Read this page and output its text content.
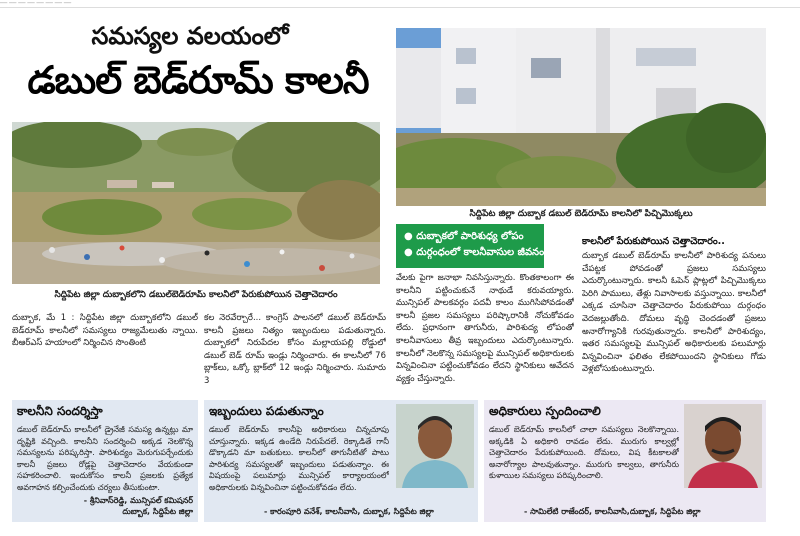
── ── ── ── ── ── ── ──
సమస్యల వలయంలో
డబుల్ బెడ్‌రూమ్ కాలనీ
సిద్దిపేట జిల్లా దుబ్బాకలోని డబుల్‌బెడ్‌రూమ్ కాలనీలో పేరుకుపోయిన చెత్తాచెదారం
సిద్దిపేట జిల్లా దుబ్బాక డబుల్ బెడ్‌రూమ్ కాలనీలో పిచ్చిమొక్కలు
● దుబ్బాకలో పారిశుధ్య లోపం
● దుర్గంధంలో కాలనీవాసుల జీవనం
దుబ్బాక, మే 1 : సిద్దిపేట జిల్లా దుబ్బాకలోని డబుల్ బెడ్‌రూమ్ కాలనీలో సమస్యలు రాజ్యమేలుతు న్నాయి. బీఆర్ఎస్ హయాంలో నిర్మించిన సొంతింటి
కల నెరవేర్చారే... కాంగ్రెస్ పాలనలో డబుల్ బెడ్‌రూమ్ కాలనీ ప్రజలు నిత్యం ఇబ్బందులు పడుతున్నారు. దుబ్బాకలో నిరుపేదల కోసం మల్లాయపల్లి రోడ్డులో డబుల్ బెడ్ రూమ్ ఇండ్లు నిర్మించారు. ఈ కాలనీలో 76 బ్లాక్‌లు, ఒక్కో బ్లాక్‌లో 12 ఇండ్లు నిర్మించారు. సుమారు 3
వేలకు పైగా జనాభా నివసిస్తున్నారు. కొంతకాలంగా ఈ కాలనీని పట్టించుకునే నాథుడే కరువయ్యారు. మున్సిపల్ పాలకవర్గం పదవీ కాలం ముగిసిపోవడంతో కాలనీ ప్రజల సమస్యలు పరిష్కారానికి నోచుకోవడం లేదు. ప్రధానంగా తాగునీరు, పారిశుద్య లోపంతో కాలనీవాసులు తీవ్ర ఇబ్బందులు ఎదుర్కొంటున్నారు. కాలనీలో నెలకొన్న సమస్యలపై మున్సిపల్ అధికారులకు విన్నవించినా పట్టించుకోవడం లేదని స్థానికులు ఆవేదన వ్యక్తం చేస్తున్నారు.
కాలనీలో పేరుకుపోయిన చెత్తాచెదారం..
దుబ్బాక డబుల్ బెడ్‌రూమ్ కాలనీలో పారిశుద్య పనులు చేపట్టక పోవడంతో ప్రజలు సమస్యలు ఎదుర్కొంటున్నారు. కాలనీ ఓపెన్ ప్లాట్లలో పిచ్చిమొక్కలు పెరిగి పాములు, తేళ్లు నివాసాలకు వస్తున్నాయి. కాలనీలో ఎక్కడ చూసినా చెత్తాచెదారం పేరుకుపోయి దుర్గంధం వెదజల్లుతోంది. దోమలు వృద్ధి చెందడంతో ప్రజలు అనారోగ్యానికి గురవుతున్నారు. కాలనీలో పారిశుద్యం, ఇతర సమస్యలపై మున్సిపల్ అధికారులకు పలుమార్లు విన్నవించినా ఫలితం లేకపోయిందని స్థానికులు గోడు వెళ్లబోసుకుంటున్నారు.
కాలనీని సందర్శిస్తా
డబుల్ బెడ్‌రూమ్ కాలనీలో డ్రైనేజీ సమస్య ఉన్నట్లు మా దృష్టికి వచ్చింది. కాలనీని సందర్శించి అక్కడ నెలకొన్న సమస్యలను పరిష్కరిస్తా. పారిశుద్యం మెరుగుపర్చేందుకు కాలనీ ప్రజలు రోడ్లపై చెత్తాచెదారం వేయకుండా సహకరించాలి. ఇందుకోసం కాలనీ ప్రజలకు ప్రత్యేక అవగాహన కల్పించేందుకు చర్యలు తీసుకుంటా.
- శ్రీనివాస్‌రెడ్డి, మున్సిపల్ కమిషనర్
దుబ్బాక, సిద్దిపేట జిల్లా
ఇబ్బందులు పడుతున్నాం
డబుల్ బెడ్‌రూమ్ కాలనీపై అధికారులు చిన్నచూపు చూస్తున్నారు. ఇక్కడ ఉండేది నిరుపేదలే. రెక్కాడితే గానీ డొక్కాడని మా బతుకులు. కాలనీలో తాగునీటితో పాటు పారిశుద్య సమస్యలతో ఇబ్బందులు పడుతున్నాం. ఈ విషయంపై పలుమార్లు మున్సిపల్ కార్యాలయంలో అధికారులకు విన్నవించినా పట్టించుకోవడం లేదు.
- కారంపూరి వనేశ్, కాలనీవాసి, దుబ్బాక, సిద్దిపేట జిల్లా
అధికారులు స్పందించాలి
డబుల్ బెడ్‌రూమ్ కాలనీలో చాలా సమస్యలు నెలకొన్నాయి. అక్కడికి ఏ అధికారి రావడం లేదు. మురుగు కాల్వల్లో చెత్తాచెదారం పేరుకుపోయింది. దోమలు, విష కీటకాలతో అనారోగ్యాల పాలవుతున్నాం. మురుగు కాల్వలు, తాగునీరు కుళాయిల సమస్యలు పరిష్కరించాలి.
- సామిలేటి రాజేందర్, కాలనీవాసి,దుబ్బాక, సిద్దిపేట జిల్లా
